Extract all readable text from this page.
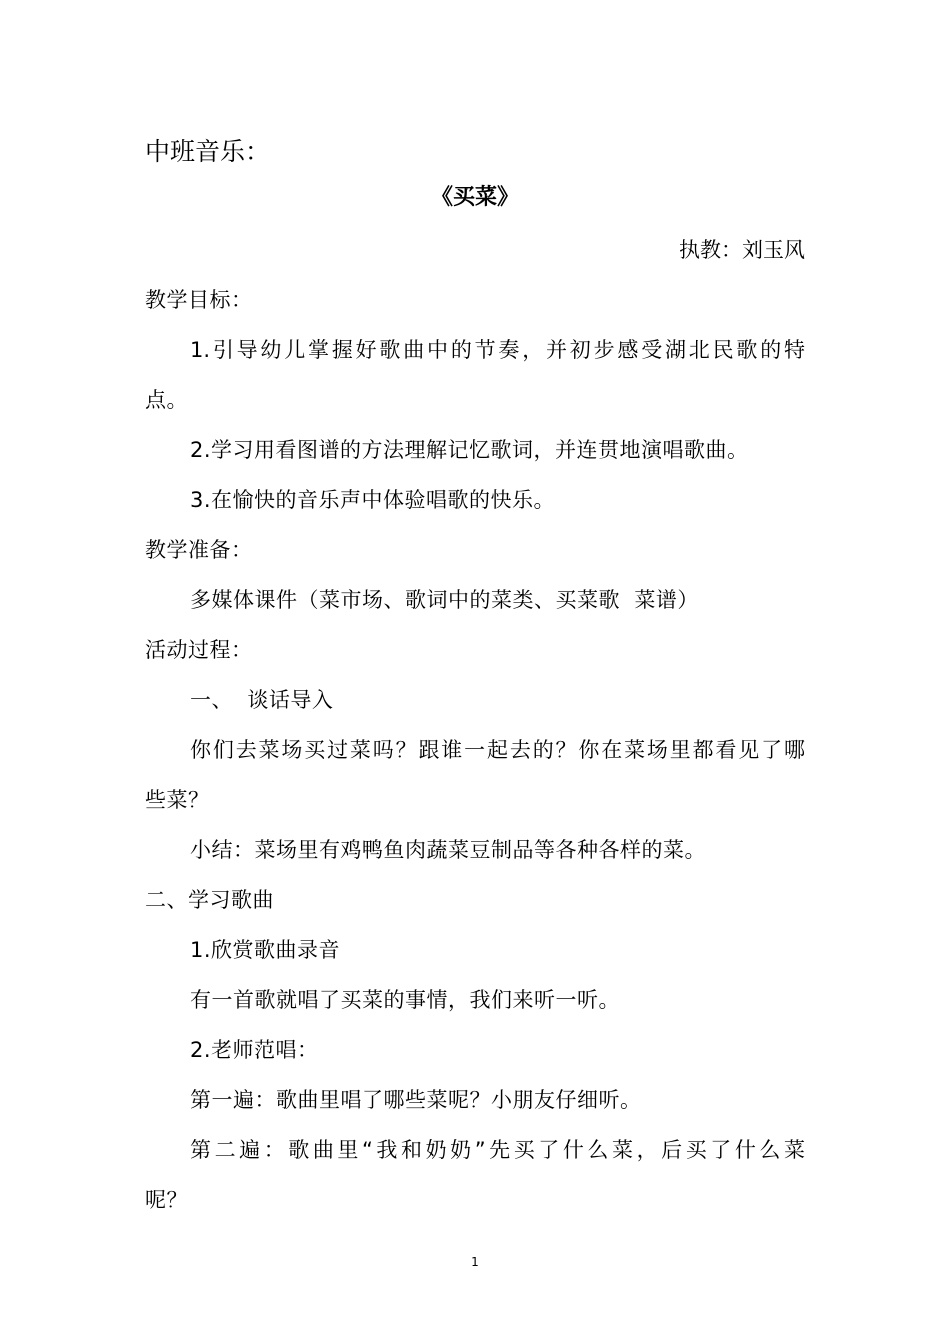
中班音乐：
《买菜》
执教：刘玉风
教学目标：
1.引导幼儿掌握好歌曲中的节奏，并初步感受湖北民歌的特
点。
2.学习用看图谱的方法理解记忆歌词，并连贯地演唱歌曲。
3.在愉快的音乐声中体验唱歌的快乐。
教学准备：
多媒体课件（菜市场、歌词中的菜类、买菜歌  菜谱）
活动过程：
一、  谈话导入
你们去菜场买过菜吗？跟谁一起去的？你在菜场里都看见了哪
些菜？
小结：菜场里有鸡鸭鱼肉蔬菜豆制品等各种各样的菜。
二、学习歌曲
1.欣赏歌曲录音
有一首歌就唱了买菜的事情，我们来听一听。
2.老师范唱：
第一遍：歌曲里唱了哪些菜呢？小朋友仔细听。
第二遍：歌曲里“我和奶奶”先买了什么菜，后买了什么菜
呢？
1
